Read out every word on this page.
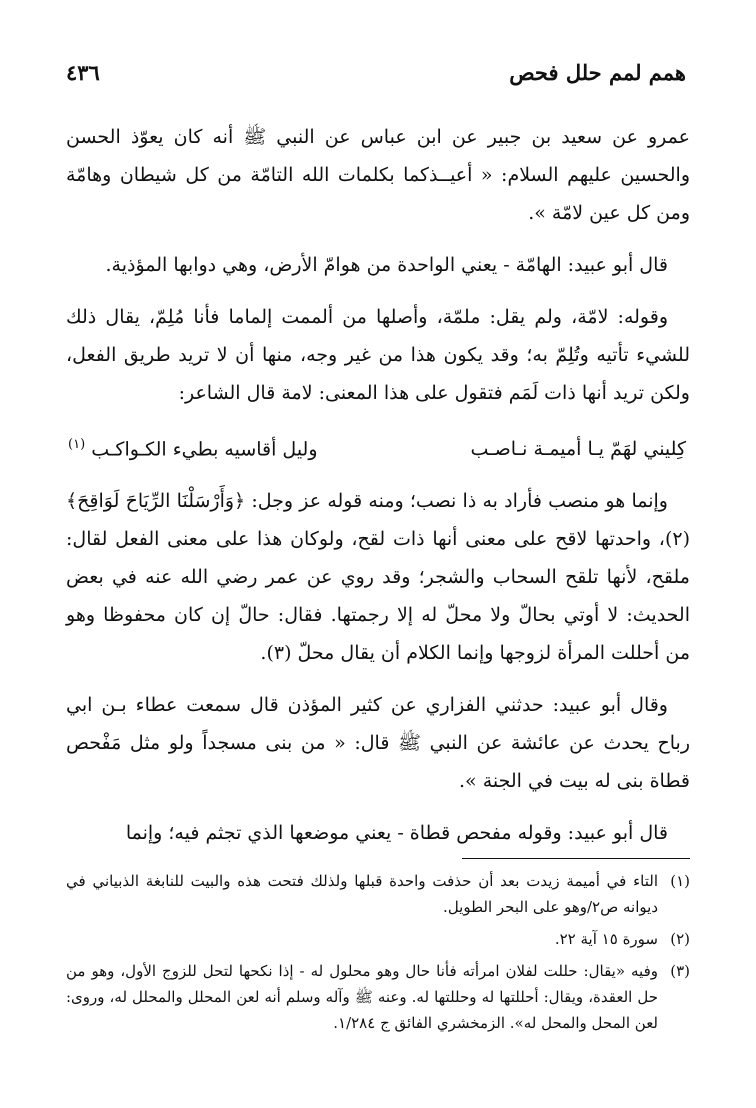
همم لمم حلل فحص
٤٣٦

عمرو عن سعيد بن جبير عن ابن عباس عن النبي ﷺ أنه كان يعوّذ الحسن والحسين عليهم السلام: « أعيــذكما بكلمات الله التامّة من كل شيطان وهامّة ومن كل عين لامّة ».

قال أبو عبيد: الهامّة - يعني الواحدة من هوامّ الأرض، وهي دوابها المؤذية.

وقوله: لامّة، ولم يقل: ملمّة، وأصلها من ألممت إلماما فأنا مُلِمّ، يقال ذلك للشيء تأتيه وتُلِمّ به؛ وقد يكون هذا من غير وجه، منها أن لا تريد طريق الفعل، ولكن تريد أنها ذات لَمَم فتقول على هذا المعنى: لامة قال الشاعر:

كِليني لهَمّ يـا أميمـة نـاصـب
وليل أقاسيه بطيء الكـواكـب $^{(١)}$

وإنما هو منصب فأراد به ذا نصب؛ ومنه قوله عز وجل: ﴿وَأَرْسَلْنَا الرِّيَاحَ لَوَاقِحَ﴾ (٢)، واحدتها لاقح على معنى أنها ذات لقح، ولوكان هذا على معنى الفعل لقال: ملقح، لأنها تلقح السحاب والشجر؛ وقد روي عن عمر رضي الله عنه في بعض الحديث: لا أوتي بحالّ ولا محلّ له إلا رجمتها. فقال: حالّ إن كان محفوظا وهو من أحللت المرأة لزوجها وإنما الكلام أن يقال محلّ (٣).

وقال أبو عبيد: حدثني الفزاري عن كثير المؤذن قال سمعت عطاء بـن ابي رباح يحدث عن عائشة عن النبي ﷺ قال: « من بنى مسجداً ولو مثل مَفْحص قطاة بنى له بيت في الجنة ».

قال أبو عبيد: وقوله مفحص قطاة - يعني موضعها الذي تجثم فيه؛ وإنما

(١)
التاء في أميمة زيدت بعد أن حذفت واحدة قبلها ولذلك فتحت هذه والبيت للنابغة الذبياني في ديوانه ص٢/وهو على البحر الطويل.
(٢)
سورة ١٥ آية ٢٢.
(٣)
وفيه «يقال: حللت لفلان امرأته فأنا حال وهو محلول له - إذا نكحها لتحل للزوج الأول، وهو من حل العقدة، ويقال: أحللتها له وحللتها له. وعنه ﷺ وآله وسلم أنه لعن المحلل والمحلل له، وروى: لعن المحل والمحل له». الزمخشري الفائق ج ١/٢٨٤.
